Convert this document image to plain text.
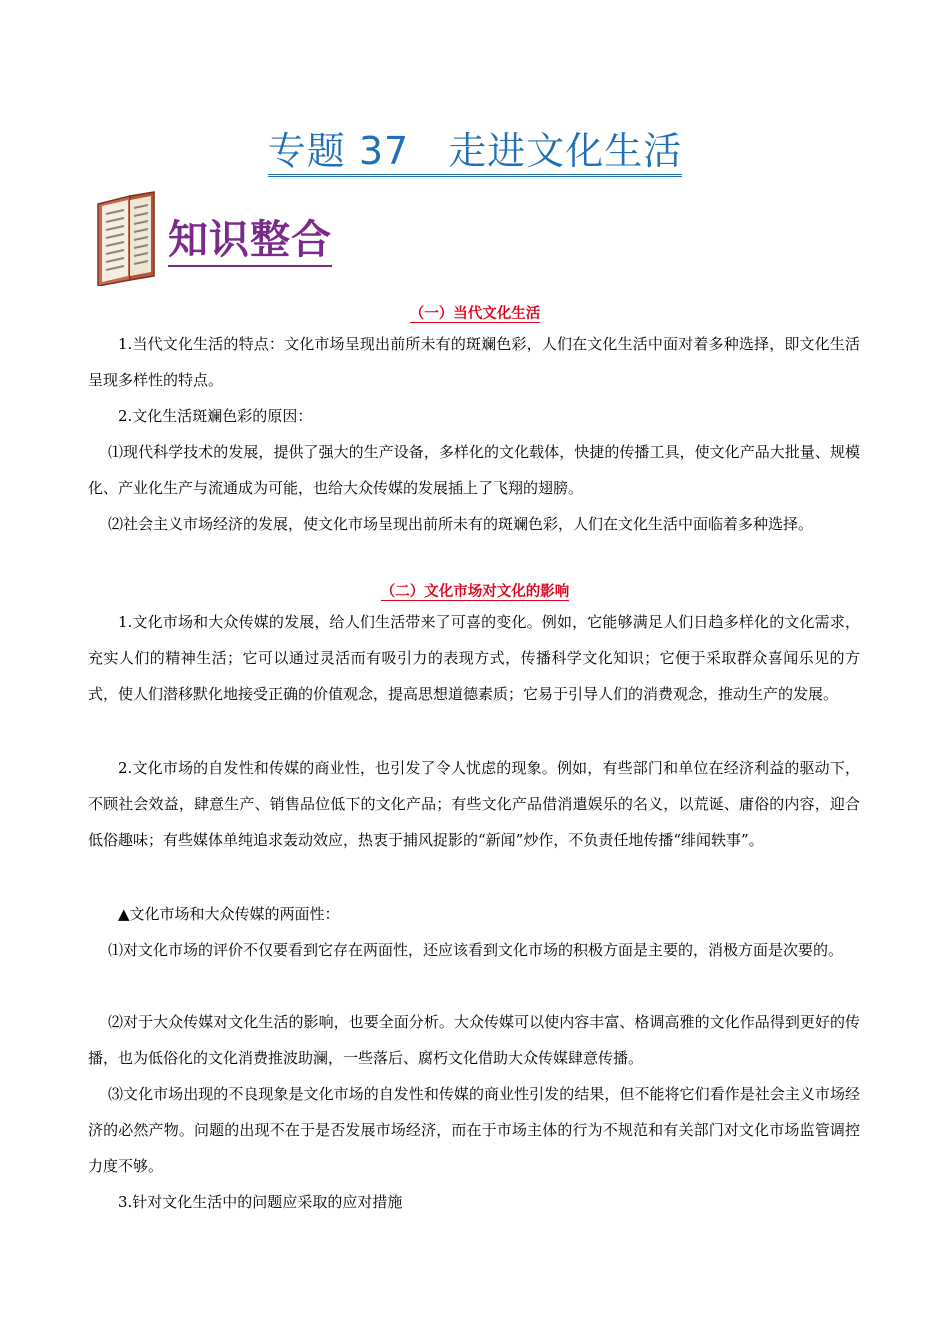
专题 37　走进文化生活
知识整合
（一）当代文化生活
1.当代文化生活的特点：文化市场呈现出前所未有的斑斓色彩，人们在文化生活中面对着多种选择，即文化生活呈现多样性的特点。
2.文化生活斑斓色彩的原因：
⑴现代科学技术的发展，提供了强大的生产设备，多样化的文化载体，快捷的传播工具，使文化产品大批量、规模化、产业化生产与流通成为可能，也给大众传媒的发展插上了飞翔的翅膀。
⑵社会主义市场经济的发展，使文化市场呈现出前所未有的斑斓色彩，人们在文化生活中面临着多种选择。
（二）文化市场对文化的影响
1.文化市场和大众传媒的发展，给人们生活带来了可喜的变化。例如，它能够满足人们日趋多样化的文化需求，充实人们的精神生活；它可以通过灵活而有吸引力的表现方式，传播科学文化知识；它便于采取群众喜闻乐见的方式，使人们潜移默化地接受正确的价值观念，提高思想道德素质；它易于引导人们的消费观念，推动生产的发展。
2.文化市场的自发性和传媒的商业性，也引发了令人忧虑的现象。例如，有些部门和单位在经济利益的驱动下，不顾社会效益，肆意生产、销售品位低下的文化产品；有些文化产品借消遣娱乐的名义，以荒诞、庸俗的内容，迎合低俗趣味；有些媒体单纯追求轰动效应，热衷于捕风捉影的“新闻”炒作，不负责任地传播“绯闻轶事”。
▲文化市场和大众传媒的两面性：
⑴对文化市场的评价不仅要看到它存在两面性，还应该看到文化市场的积极方面是主要的，消极方面是次要的。
⑵对于大众传媒对文化生活的影响，也要全面分析。大众传媒可以使内容丰富、格调高雅的文化作品得到更好的传播，也为低俗化的文化消费推波助澜，一些落后、腐朽文化借助大众传媒肆意传播。
⑶文化市场出现的不良现象是文化市场的自发性和传媒的商业性引发的结果，但不能将它们看作是社会主义市场经济的必然产物。问题的出现不在于是否发展市场经济，而在于市场主体的行为不规范和有关部门对文化市场监管调控力度不够。
3.针对文化生活中的问题应采取的应对措施
